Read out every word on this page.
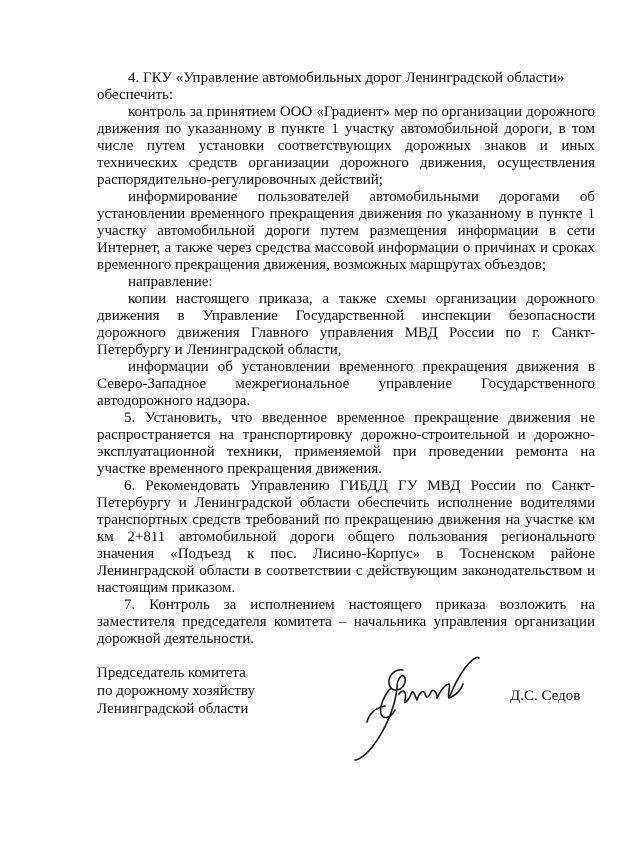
4. ГКУ «Управление автомобильных дорог Ленинградской области»
обеспечить:
контроль за принятием ООО «Градиент» мер по организации дорожного
движения по указанному в пункте 1 участку автомобильной дороги, в том
числе путем установки соответствующих дорожных знаков и иных
технических средств организации дорожного движения, осуществления
распорядительно-регулировочных действий;
информирование пользователей автомобильными дорогами об
установлении временного прекращения движения по указанному в пункте 1
участку автомобильной дороги путем размещения информации в сети
Интернет, а также через средства массовой информации о причинах и сроках
временного прекращения движения, возможных маршрутах объездов;
направление:
копии настоящего приказа, а также схемы организации дорожного
движения в Управление Государственной инспекции безопасности
дорожного движения Главного управления МВД России по г. Санкт-
Петербургу и Ленинградской области,
информации об установлении временного прекращения движения в
Северо-Западное межрегиональное управление Государственного
автодорожного надзора.
5. Установить, что введенное временное прекращение движения не
распространяется на транспортировку дорожно-строительной и дорожно-
эксплуатационной техники, применяемой при проведении ремонта на
участке временного прекращения движения.
6. Рекомендовать Управлению ГИБДД ГУ МВД России по Санкт-
Петербургу и Ленинградской области обеспечить исполнение водителями
транспортных средств требований по прекращению движения на участке км
км 2+811 автомобильной дороги общего пользования регионального
значения «Подъезд к пос. Лисино-Корпус» в Тосненском районе
Ленинградской области в соответствии с действующим законодательством и
настоящим приказом.
7. Контроль за исполнением настоящего приказа возложить на
заместителя председателя комитета – начальника управления организации
дорожной деятельности.
Председатель комитета
по дорожному хозяйству
Ленинградской области
Д.С. Седов
